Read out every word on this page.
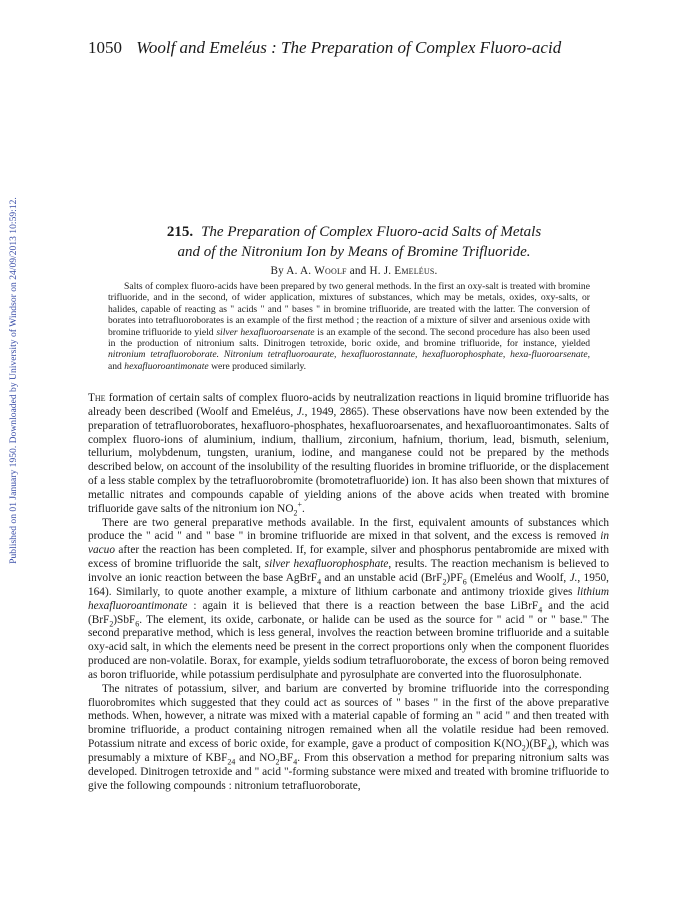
Published on 01 January 1950. Downloaded by University of Windsor on 24/09/2013 10:59:12.
1050 Woolf and Emeléus : The Preparation of Complex Fluoro-acid
215. The Preparation of Complex Fluoro-acid Salts of Metals
and of the Nitronium Ion by Means of Bromine Trifluoride.
By A. A. Woolf and H. J. Emeléus.

Salts of complex fluoro-acids have been prepared by two general methods. In the first an oxy-salt is treated with bromine trifluoride, and in the second, of wider application, mixtures of substances, which may be metals, oxides, oxy-salts, or halides, capable of reacting as " acids " and " bases " in bromine trifluoride, are treated with the latter. The conversion of borates into tetrafluoroborates is an example of the first method ; the reaction of a mixture of silver and arsenious oxide with bromine trifluoride to yield silver hexafluoroarsenate is an example of the second. The second procedure has also been used in the production of nitronium salts. Dinitrogen tetroxide, boric oxide, and bromine trifluoride, for instance, yielded nitronium tetrafluoroborate. Nitronium tetrafluoroaurate, hexafluorostannate, hexafluorophosphate, hexa-fluoroarsenate, and hexafluoroantimonate were produced similarly.

The formation of certain salts of complex fluoro-acids by neutralization reactions in liquid bromine trifluoride has already been described (Woolf and Emeléus, J., 1949, 2865). These observations have now been extended by the preparation of tetrafluoroborates, hexafluoro-phosphates, hexafluoroarsenates, and hexafluoroantimonates. Salts of complex fluoro-ions of aluminium, indium, thallium, zirconium, hafnium, thorium, lead, bismuth, selenium, tellurium, molybdenum, tungsten, uranium, iodine, and manganese could not be prepared by the methods described below, on account of the insolubility of the resulting fluorides in bromine trifluoride, or the displacement of a less stable complex by the tetrafluorobromite (bromotetrafluoride) ion. It has also been shown that mixtures of metallic nitrates and compounds capable of yielding anions of the above acids when treated with bromine trifluoride gave salts of the nitronium ion $NO_2^+$.

There are two general preparative methods available. In the first, equivalent amounts of substances which produce the " acid " and " base " in bromine trifluoride are mixed in that solvent, and the excess is removed in vacuo after the reaction has been completed. If, for example, silver and phosphorus pentabromide are mixed with excess of bromine trifluoride the salt, silver hexafluorophosphate, results. The reaction mechanism is believed to involve an ionic reaction between the base AgBrF$_4$ and an unstable acid $(BrF_2)PF_6$ (Emeléus and Woolf, J., 1950, 164). Similarly, to quote another example, a mixture of lithium carbonate and antimony trioxide gives lithium hexafluoroantimonate : again it is believed that there is a reaction between the base LiBrF$_4$ and the acid (BrF$_2$)SbF$_6$. The element, its oxide, carbonate, or halide can be used as the source for " acid " or " base." The second preparative method, which is less general, involves the reaction between bromine trifluoride and a suitable oxy-acid salt, in which the elements need be present in the correct proportions only when the component fluorides produced are non-volatile. Borax, for example, yields sodium tetrafluoroborate, the excess of boron being removed as boron trifluoride, while potassium perdisulphate and pyrosulphate are converted into the fluorosulphonate.

The nitrates of potassium, silver, and barium are converted by bromine trifluoride into the corresponding fluorobromites which suggested that they could act as sources of " bases " in the first of the above preparative methods. When, however, a nitrate was mixed with a material capable of forming an " acid " and then treated with bromine trifluoride, a product containing nitrogen remained when all the volatile residue had been removed. Potassium nitrate and excess of boric oxide, for example, gave a product of composition $K(NO_2)(BF_4)$, which was presumably a mixture of $KBF_{24}$ and $NO_2BF_4$. From this observation a method for preparing nitronium salts was developed. Dinitrogen tetroxide and " acid "-forming substance were mixed and treated with bromine trifluoride to give the following compounds : nitronium tetrafluoroborate,
